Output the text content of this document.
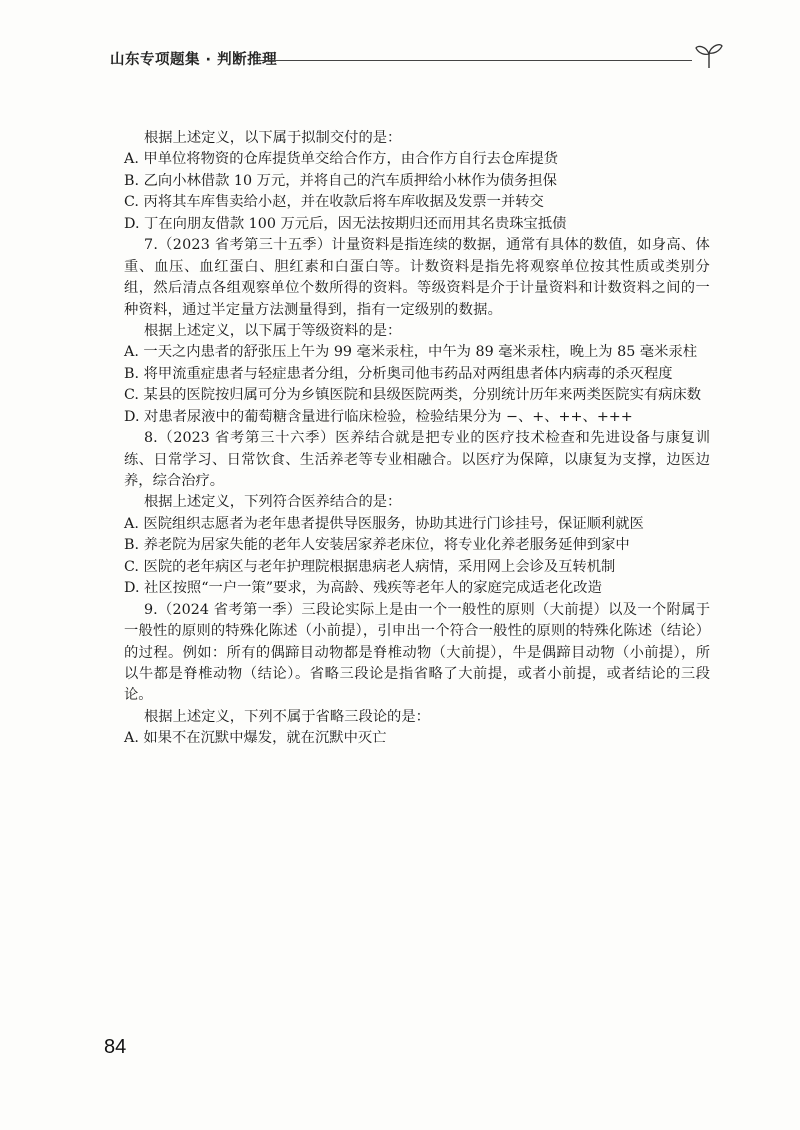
山东专项题集 · 判断推理

根据上述定义，以下属于拟制交付的是：

A. 甲单位将物资的仓库提货单交给合作方，由合作方自行去仓库提货

B. 乙向小林借款 10 万元，并将自己的汽车质押给小林作为债务担保

C. 丙将其车库售卖给小赵，并在收款后将车库收据及发票一并转交

D. 丁在向朋友借款 100 万元后，因无法按期归还而用其名贵珠宝抵债

7.（2023 省考第三十五季）计量资料是指连续的数据，通常有具体的数值，如身高、体重、血压、血红蛋白、胆红素和白蛋白等。计数资料是指先将观察单位按其性质或类别分组，然后清点各组观察单位个数所得的资料。等级资料是介于计量资料和计数资料之间的一种资料，通过半定量方法测量得到，指有一定级别的数据。

根据上述定义，以下属于等级资料的是：

A. 一天之内患者的舒张压上午为 99 毫米汞柱，中午为 89 毫米汞柱，晚上为 85 毫米汞柱

B. 将甲流重症患者与轻症患者分组，分析奥司他韦药品对两组患者体内病毒的杀灭程度

C. 某县的医院按归属可分为乡镇医院和县级医院两类，分别统计历年来两类医院实有病床数

D. 对患者尿液中的葡萄糖含量进行临床检验，检验结果分为 −、+、++、+++

8.（2023 省考第三十六季）医养结合就是把专业的医疗技术检查和先进设备与康复训练、日常学习、日常饮食、生活养老等专业相融合。以医疗为保障，以康复为支撑，边医边养，综合治疗。

根据上述定义，下列符合医养结合的是：

A. 医院组织志愿者为老年患者提供导医服务，协助其进行门诊挂号，保证顺利就医

B. 养老院为居家失能的老年人安装居家养老床位，将专业化养老服务延伸到家中

C. 医院的老年病区与老年护理院根据患病老人病情，采用网上会诊及互转机制

D. 社区按照“一户一策”要求，为高龄、残疾等老年人的家庭完成适老化改造

9.（2024 省考第一季）三段论实际上是由一个一般性的原则（大前提）以及一个附属于一般性的原则的特殊化陈述（小前提），引申出一个符合一般性的原则的特殊化陈述（结论）的过程。例如：所有的偶蹄目动物都是脊椎动物（大前提），牛是偶蹄目动物（小前提），所以牛都是脊椎动物（结论）。省略三段论是指省略了大前提，或者小前提，或者结论的三段论。

根据上述定义，下列不属于省略三段论的是：

A. 如果不在沉默中爆发，就在沉默中灭亡

84
